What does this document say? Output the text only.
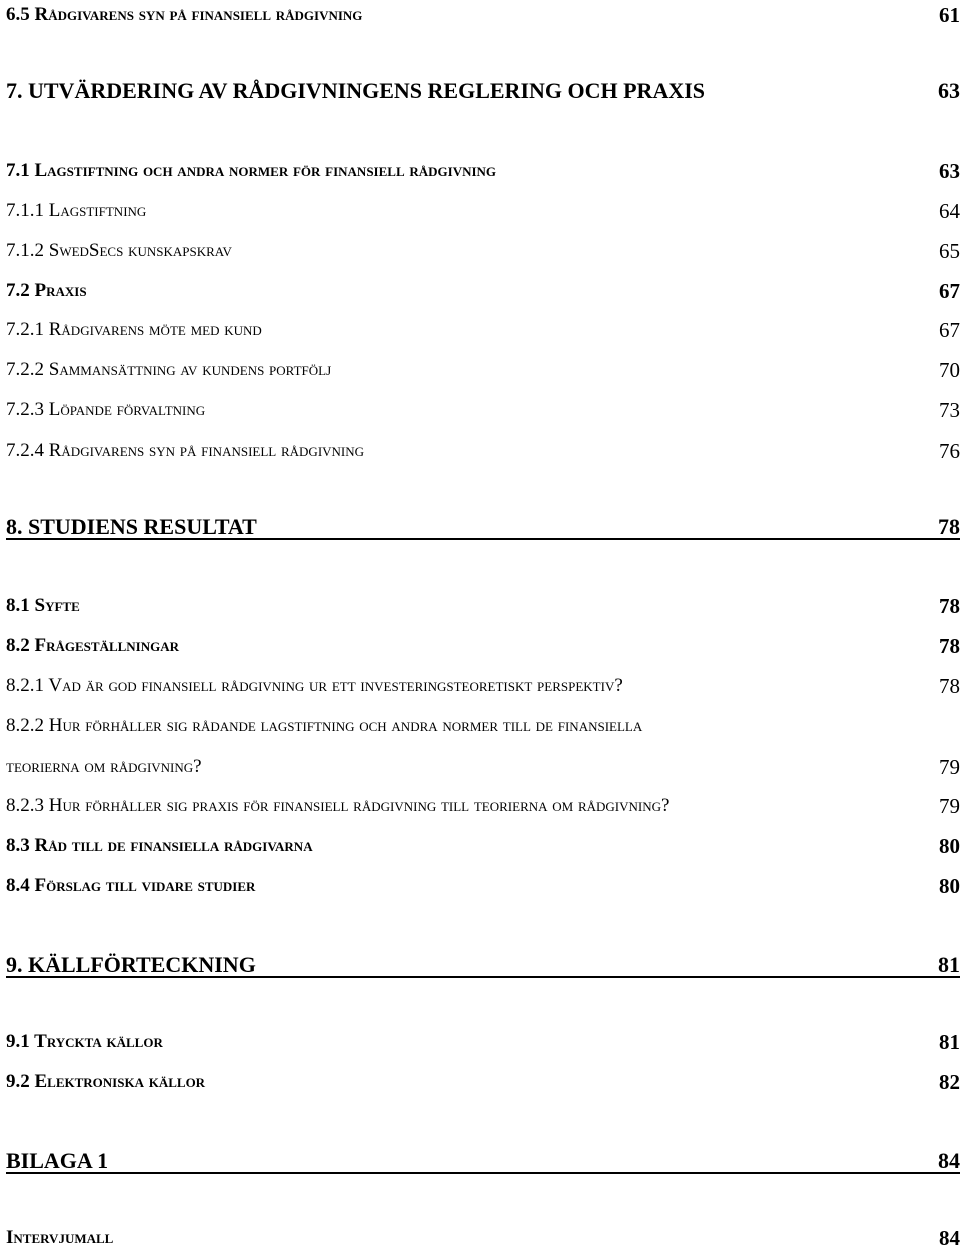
6.5 Rådgivarens syn på finansiell rådgivning	61
7. UTVÄRDERING AV RÅDGIVNINGENS REGLERING OCH PRAXIS	63
7.1 Lagstiftning och andra normer för finansiell rådgivning	63
7.1.1 Lagstiftning	64
7.1.2 SwedSecs kunskapskrav	65
7.2 Praxis	67
7.2.1 Rådgivarens möte med kund	67
7.2.2 Sammansättning av kundens portfölj	70
7.2.3 Löpande förvaltning	73
7.2.4 Rådgivarens syn på finansiell rådgivning	76
8. STUDIENS RESULTAT	78
8.1 Syfte	78
8.2 Frågeställningar	78
8.2.1 Vad är god finansiell rådgivning ur ett investeringsteoretiskt perspektiv?	78
8.2.2 Hur förhåller sig rådande lagstiftning och andra normer till de finansiella
teorierna om rådgivning?	79
8.2.3 Hur förhåller sig praxis för finansiell rådgivning till teorierna om rådgivning?	79
8.3 Råd till de finansiella rådgivarna	80
8.4 Förslag till vidare studier	80
9. KÄLLFÖRTECKNING	81
9.1 Tryckta källor	81
9.2 Elektroniska källor	82
BILAGA 1	84
Intervjumall	84
